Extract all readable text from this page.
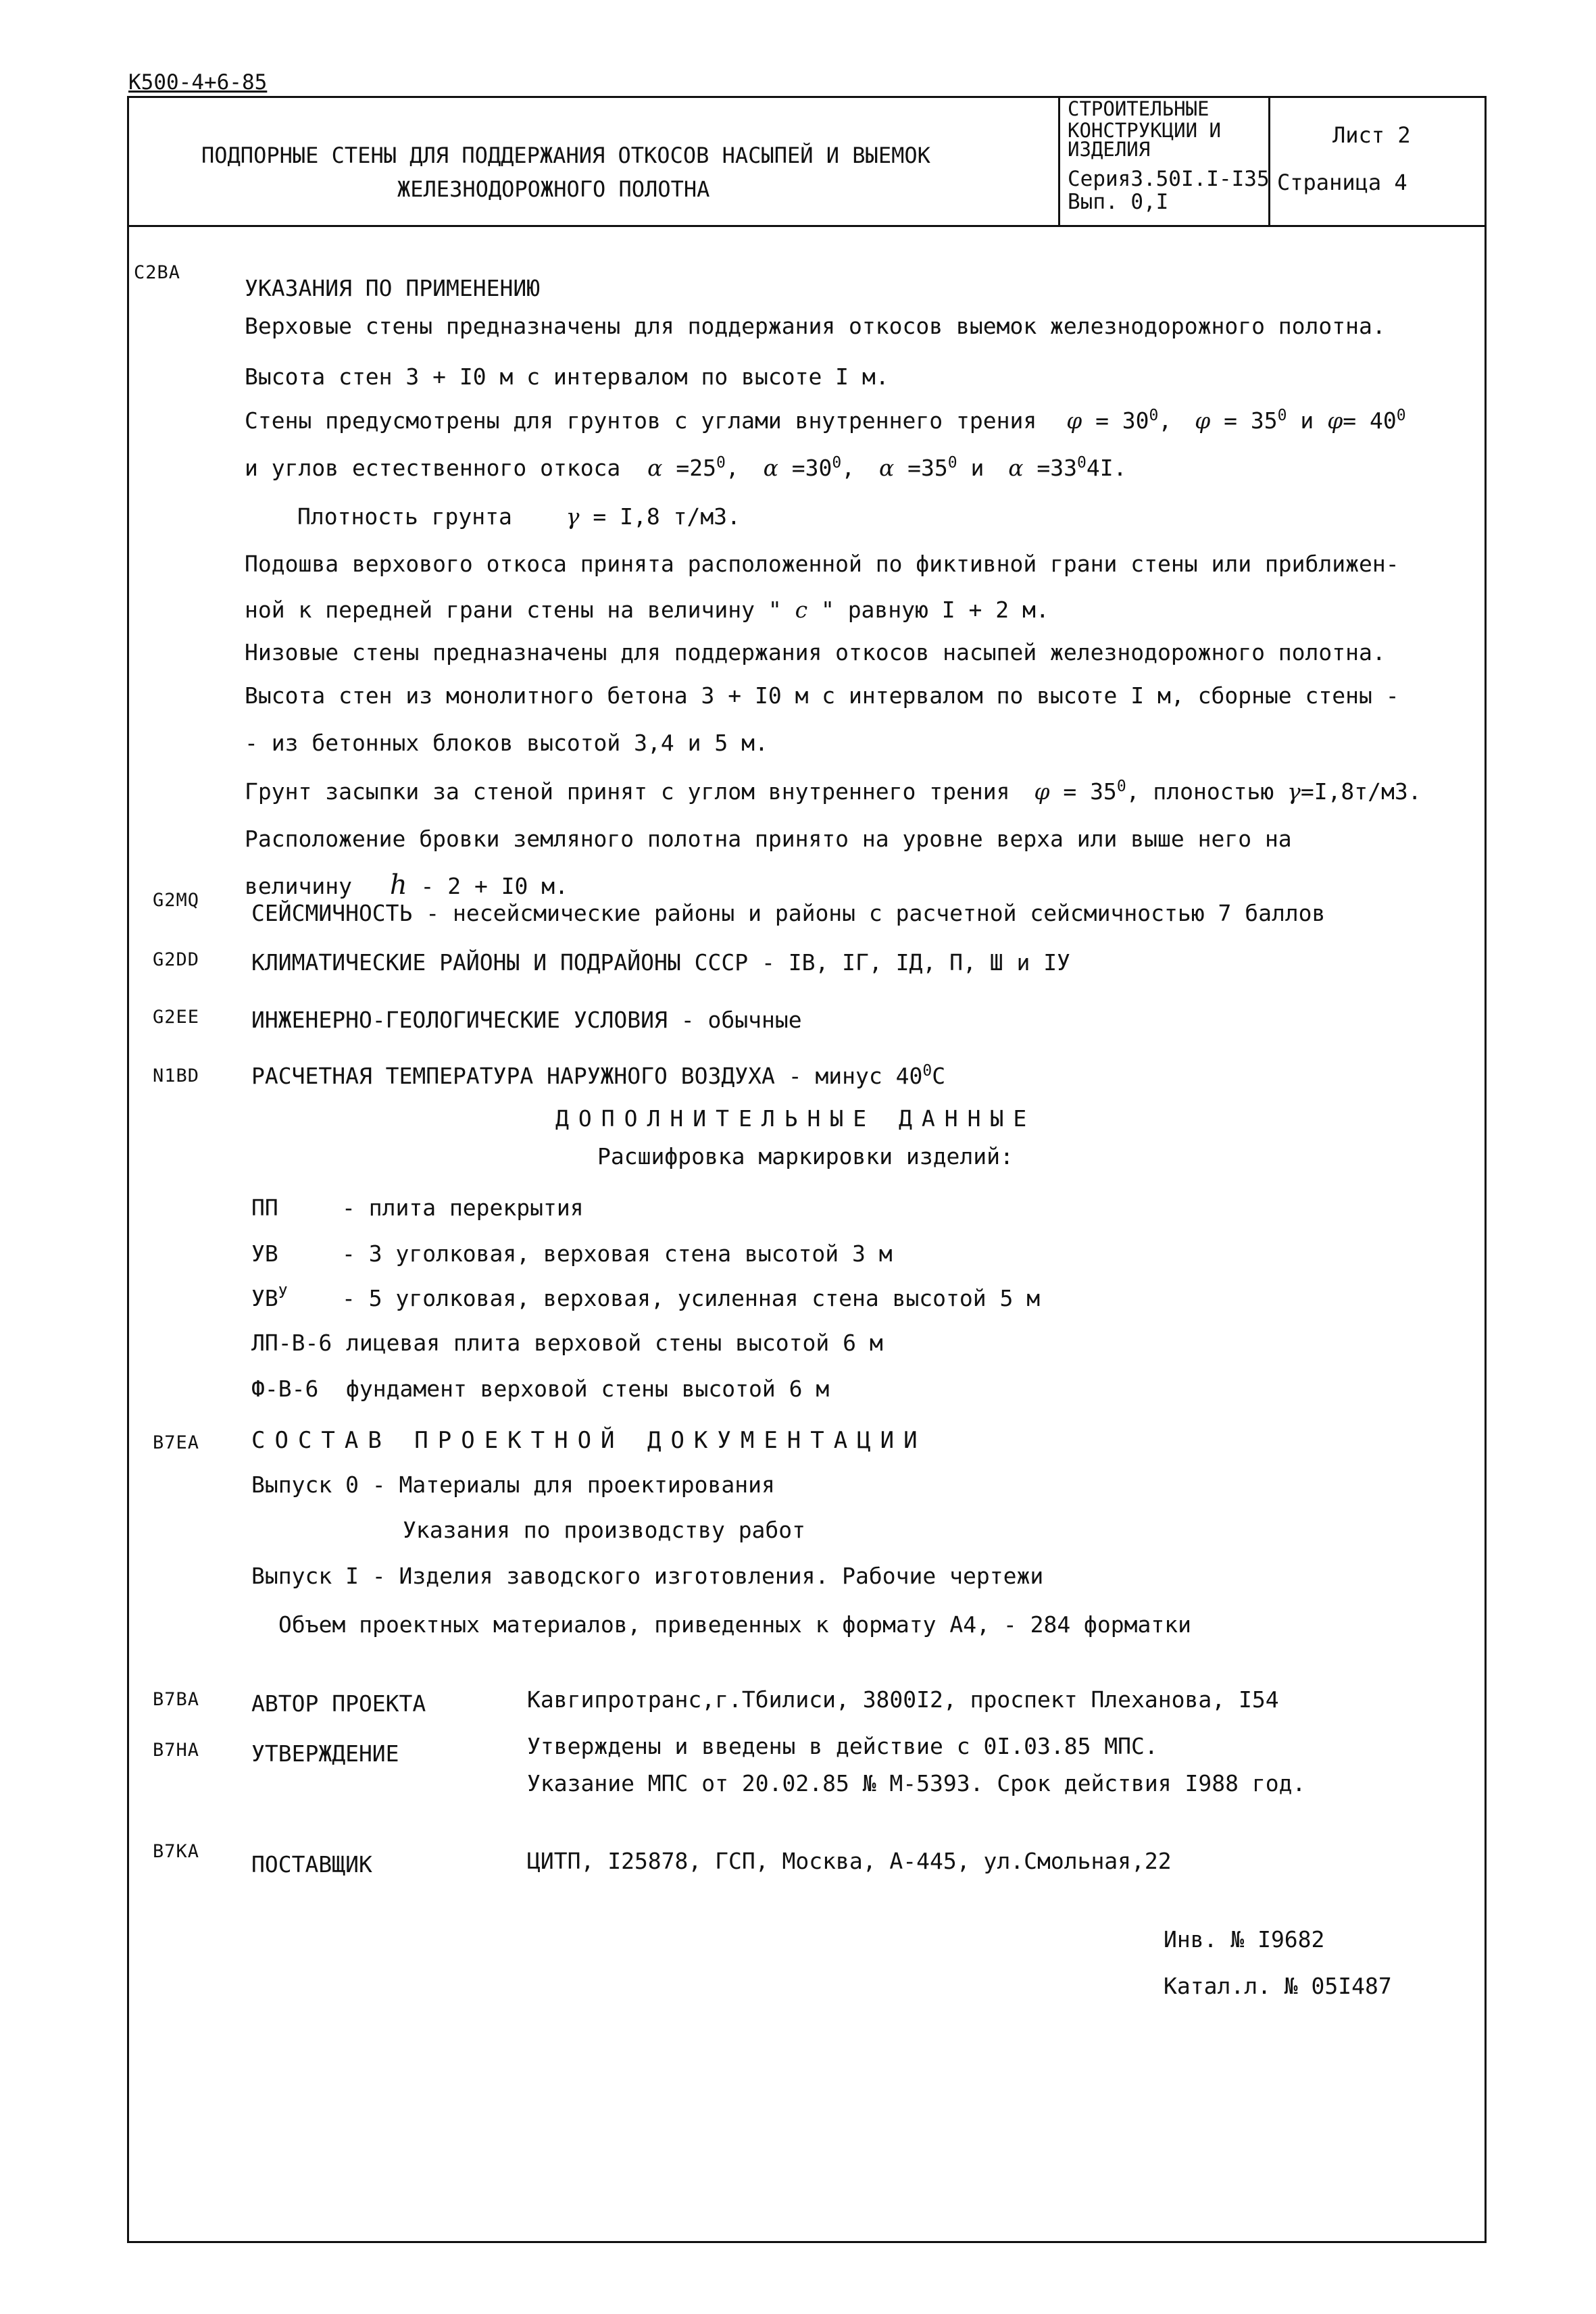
К500-4+6-85
ПОДПОРНЫЕ СТЕНЫ ДЛЯ ПОДДЕРЖАНИЯ ОТКОСОВ НАСЫПЕЙ И ВЫЕМОК
ЖЕЛЕЗНОДОРОЖНОГО ПОЛОТНА
СТРОИТЕЛЬНЫЕ
КОНСТРУКЦИИ И
ИЗДЕЛИЯ
Серия3.50I.I-I35
Вып. 0,I
Лист 2
Страница 4
C2BA
G2MQ
G2DD
G2EE
N1BD
B7EA
B7BA
B7HA
B7KA
УКАЗАНИЯ ПО ПРИМЕНЕНИЮ
Верховые стены предназначены для поддержания откосов выемок железнодорожного полотна.
Высота стен 3 + I0 м с интервалом по высоте I м.
Стены предусмотрены для грунтов с углами внутреннего трения $\varphi = 30^0$, $\varphi = 35^0$ и $\varphi= 40^0$
и углов естественного откоса $\alpha =25^0$, $\alpha =30^0$, $\alpha =35^0$ и $\alpha =33^04I$.
Плотность грунта γ = I,8 т/м3.
Подошва верхового откоса принята расположенной по фиктивной грани стены или приближен-
ной к передней грани стены на величину " c " равную I + 2 м.
Низовые стены предназначены для поддержания откосов насыпей железнодорожного полотна.
Высота стен из монолитного бетона 3 + I0 м с интервалом по высоте I м, сборные стены -
- из бетонных блоков высотой 3,4 и 5 м.
Грунт засыпки за стеной принят с углом внутреннего трения $\varphi = 35^0$, плоностью γ=I,8т/м3.
Расположение бровки земляного полотна принято на уровне верха или выше него на
величину h - 2 + I0 м.
СЕЙСМИЧНОСТЬ - несейсмические районы и районы с расчетной сейсмичностью 7 баллов
КЛИМАТИЧЕСКИЕ РАЙОНЫ И ПОДРАЙОНЫ СССР - IВ, IГ, IД, П, Ш и IУ
ИНЖЕНЕРНО-ГЕОЛОГИЧЕСКИЕ УСЛОВИЯ - обычные
РАСЧЕТНАЯ ТЕМПЕРАТУРА НАРУЖНОГО ВОЗДУХА - минус $40^0C$
ДОПОЛНИТЕЛЬНЫЕ ДАННЫЕ
Расшифровка маркировки изделий:
ПП	- плита перекрытия
УВ	- 3 уголковая, верховая стена высотой 3 м
$УВ^У - 5$ уголковая, верховая, усиленная стена высотой 5 м
ЛП-В-6 лицевая плита верховой стены высотой 6 м
Ф-В-6 фундамент верховой стены высотой 6 м
СОСТАВ ПРОЕКТНОЙ ДОКУМЕНТАЦИИ
Выпуск 0 - Материалы для проектирования
Указания по производству работ
Выпуск I - Изделия заводского изготовления. Рабочие чертежи
Объем проектных материалов, приведенных к формату А4, - 284 форматки
АВТОР ПРОЕКТА	Кавгипротранс,г.Тбилиси, 3800I2, проспект Плеханова, I54
УТВЕРЖДЕНИЕ	Утверждены и введены в действие с 0I.03.85 МПС.
Указание МПС от 20.02.85 № М-5393. Срок действия I988 год.
ПОСТАВЩИК	ЦИТП, I25878, ГСП, Москва, А-445, ул.Смольная,22
Инв. № I9682
Катал.л. № 05I487
